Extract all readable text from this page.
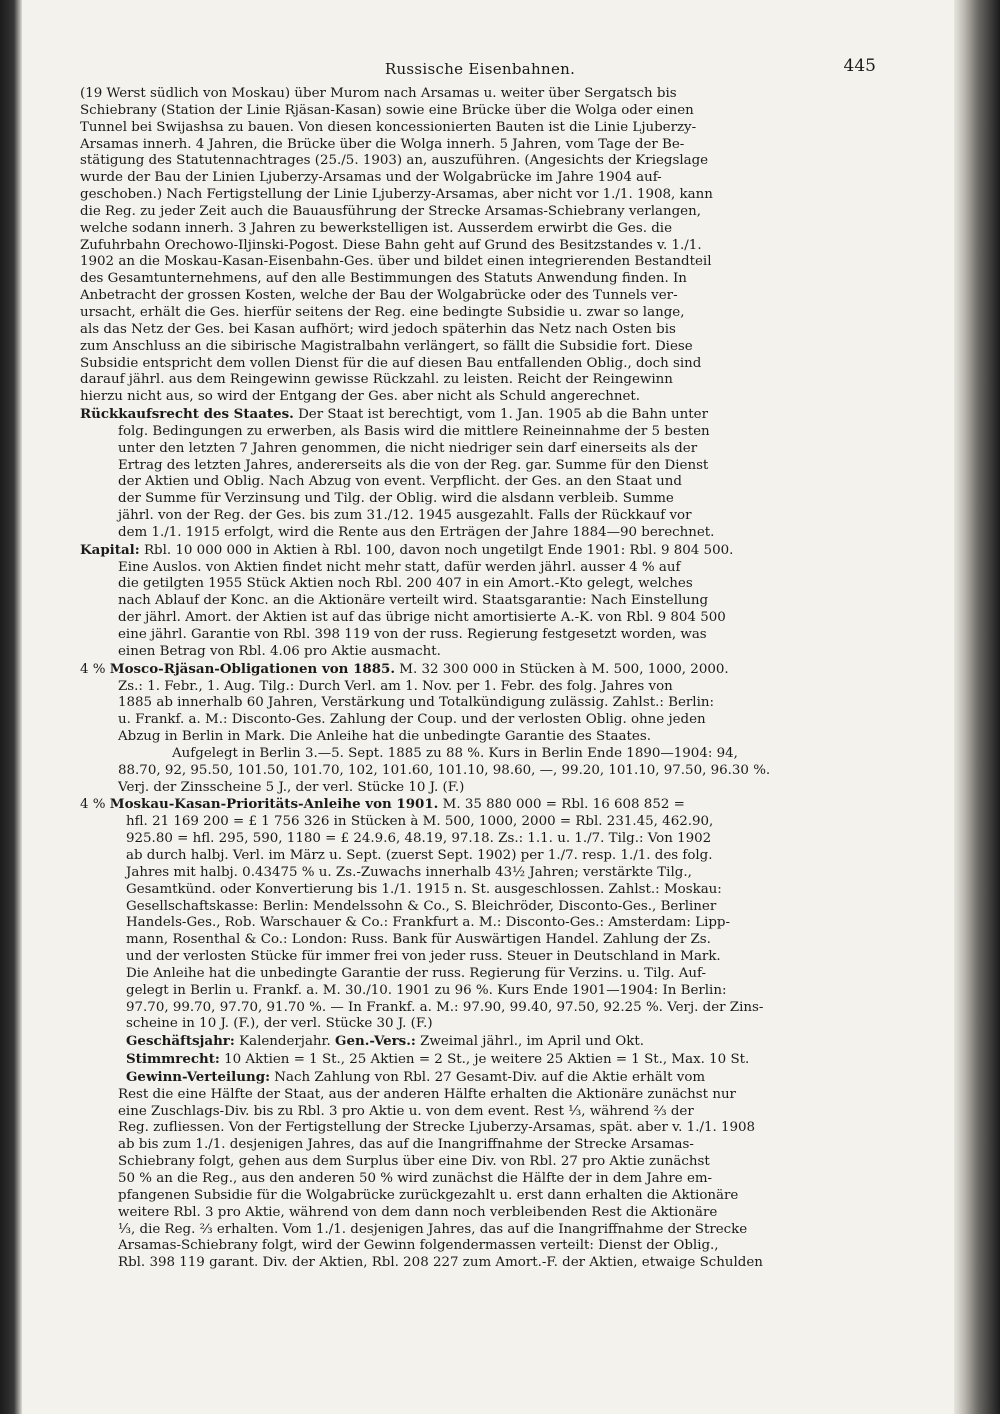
Russische Eisenbahnen.	445
(19 Werst südlich von Moskau) über Murom nach Arsamas u. weiter über Sergatsch bis
Schiebrany (Station der Linie Rjäsan-Kasan) sowie eine Brücke über die Wolga oder einen
Tunnel bei Swijashsa zu bauen. Von diesen koncessionierten Bauten ist die Linie Ljuberzy-
Arsamas innerh. 4 Jahren, die Brücke über die Wolga innerh. 5 Jahren, vom Tage der Be-
stätigung des Statutennachtrages (25./5. 1903) an, auszuführen. (Angesichts der Kriegslage
wurde der Bau der Linien Ljuberzy-Arsamas und der Wolgabrücke im Jahre 1904 auf-
geschoben.) Nach Fertigstellung der Linie Ljuberzy-Arsamas, aber nicht vor 1./1. 1908, kann
die Reg. zu jeder Zeit auch die Bauausführung der Strecke Arsamas-Schiebrany verlangen,
welche sodann innerh. 3 Jahren zu bewerkstelligen ist. Ausserdem erwirbt die Ges. die
Zufuhrbahn Orechowo-Iljinski-Pogost. Diese Bahn geht auf Grund des Besitzstandes v. 1./1.
1902 an die Moskau-Kasan-Eisenbahn-Ges. über und bildet einen integrierenden Bestandteil
des Gesamtunternehmens, auf den alle Bestimmungen des Statuts Anwendung finden. In
Anbetracht der grossen Kosten, welche der Bau der Wolgabrücke oder des Tunnels ver-
ursacht, erhält die Ges. hierfür seitens der Reg. eine bedingte Subsidie u. zwar so lange,
als das Netz der Ges. bei Kasan aufhört; wird jedoch späterhin das Netz nach Osten bis
zum Anschluss an die sibirische Magistralbahn verlängert, so fällt die Subsidie fort. Diese
Subsidie entspricht dem vollen Dienst für die auf diesen Bau entfallenden Oblig., doch sind
darauf jährl. aus dem Reingewinn gewisse Rückzahl. zu leisten. Reicht der Reingewinn
hierzu nicht aus, so wird der Entgang der Ges. aber nicht als Schuld angerechnet.
Rückkaufsrecht des Staates. Der Staat ist berechtigt, vom 1. Jan. 1905 ab die Bahn unter
folg. Bedingungen zu erwerben, als Basis wird die mittlere Reineinnahme der 5 besten
unter den letzten 7 Jahren genommen, die nicht niedriger sein darf einerseits als der
Ertrag des letzten Jahres, andererseits als die von der Reg. gar. Summe für den Dienst
der Aktien und Oblig. Nach Abzug von event. Verpflicht. der Ges. an den Staat und
der Summe für Verzinsung und Tilg. der Oblig. wird die alsdann verbleib. Summe
jährl. von der Reg. der Ges. bis zum 31./12. 1945 ausgezahlt. Falls der Rückkauf vor
dem 1./1. 1915 erfolgt, wird die Rente aus den Erträgen der Jahre 1884—90 berechnet.
Kapital: Rbl. 10 000 000 in Aktien à Rbl. 100, davon noch ungetilgt Ende 1901: Rbl. 9 804 500.
Eine Auslos. von Aktien findet nicht mehr statt, dafür werden jährl. ausser 4 % auf
die getilgten 1955 Stück Aktien noch Rbl. 200 407 in ein Amort.-Kto gelegt, welches
nach Ablauf der Konc. an die Aktionäre verteilt wird. Staatsgarantie: Nach Einstellung
der jährl. Amort. der Aktien ist auf das übrige nicht amortisierte A.-K. von Rbl. 9 804 500
eine jährl. Garantie von Rbl. 398 119 von der russ. Regierung festgesetzt worden, was
einen Betrag von Rbl. 4.06 pro Aktie ausmacht.
4 % Mosco-Rjäsan-Obligationen von 1885. M. 32 300 000 in Stücken à M. 500, 1000, 2000.
Zs.: 1. Febr., 1. Aug. Tilg.: Durch Verl. am 1. Nov. per 1. Febr. des folg. Jahres von
1885 ab innerhalb 60 Jahren, Verstärkung und Totalkündigung zulässig. Zahlst.: Berlin:
u. Frankf. a. M.: Disconto-Ges. Zahlung der Coup. und der verlosten Oblig. ohne jeden
Abzug in Berlin in Mark. Die Anleihe hat die unbedingte Garantie des Staates.
Aufgelegt in Berlin 3.—5. Sept. 1885 zu 88 %. Kurs in Berlin Ende 1890—1904: 94,
88.70, 92, 95.50, 101.50, 101.70, 102, 101.60, 101.10, 98.60, —, 99.20, 101.10, 97.50, 96.30 %.
Verj. der Zinsscheine 5 J., der verl. Stücke 10 J. (F.)
4 % Moskau-Kasan-Prioritäts-Anleihe von 1901. M. 35 880 000 = Rbl. 16 608 852 =
hfl. 21 169 200 = £ 1 756 326 in Stücken à M. 500, 1000, 2000 = Rbl. 231.45, 462.90,
925.80 = hfl. 295, 590, 1180 = £ 24.9.6, 48.19, 97.18. Zs.: 1.1. u. 1./7. Tilg.: Von 1902
ab durch halbj. Verl. im März u. Sept. (zuerst Sept. 1902) per 1./7. resp. 1./1. des folg.
Jahres mit halbj. 0.43475 % u. Zs.-Zuwachs innerhalb 43½ Jahren; verstärkte Tilg.,
Gesamtkünd. oder Konvertierung bis 1./1. 1915 n. St. ausgeschlossen. Zahlst.: Moskau:
Gesellschaftskasse: Berlin: Mendelssohn & Co., S. Bleichröder, Disconto-Ges., Berliner
Handels-Ges., Rob. Warschauer & Co.: Frankfurt a. M.: Disconto-Ges.: Amsterdam: Lipp-
mann, Rosenthal & Co.: London: Russ. Bank für Auswärtigen Handel. Zahlung der Zs.
und der verlosten Stücke für immer frei von jeder russ. Steuer in Deutschland in Mark.
Die Anleihe hat die unbedingte Garantie der russ. Regierung für Verzins. u. Tilg. Auf-
gelegt in Berlin u. Frankf. a. M. 30./10. 1901 zu 96 %. Kurs Ende 1901—1904: In Berlin:
97.70, 99.70, 97.70, 91.70 %. — In Frankf. a. M.: 97.90, 99.40, 97.50, 92.25 %. Verj. der Zins-
scheine in 10 J. (F.), der verl. Stücke 30 J. (F.)
Geschäftsjahr: Kalenderjahr. Gen.-Vers.: Zweimal jährl., im April und Okt.
Stimmrecht: 10 Aktien = 1 St., 25 Aktien = 2 St., je weitere 25 Aktien = 1 St., Max. 10 St.
Gewinn-Verteilung: Nach Zahlung von Rbl. 27 Gesamt-Div. auf die Aktie erhält vom
Rest die eine Hälfte der Staat, aus der anderen Hälfte erhalten die Aktionäre zunächst nur
eine Zuschlags-Div. bis zu Rbl. 3 pro Aktie u. von dem event. Rest ⅓, während ⅔ der
Reg. zufliessen. Von der Fertigstellung der Strecke Ljuberzy-Arsamas, spät. aber v. 1./1. 1908
ab bis zum 1./1. desjenigen Jahres, das auf die Inangriffnahme der Strecke Arsamas-
Schiebrany folgt, gehen aus dem Surplus über eine Div. von Rbl. 27 pro Aktie zunächst
50 % an die Reg., aus den anderen 50 % wird zunächst die Hälfte der in dem Jahre em-
pfangenen Subsidie für die Wolgabrücke zurückgezahlt u. erst dann erhalten die Aktionäre
weitere Rbl. 3 pro Aktie, während von dem dann noch verbleibenden Rest die Aktionäre
⅓, die Reg. ⅔ erhalten. Vom 1./1. desjenigen Jahres, das auf die Inangriffnahme der Strecke
Arsamas-Schiebrany folgt, wird der Gewinn folgendermassen verteilt: Dienst der Oblig.,
Rbl. 398 119 garant. Div. der Aktien, Rbl. 208 227 zum Amort.-F. der Aktien, etwaige Schulden
